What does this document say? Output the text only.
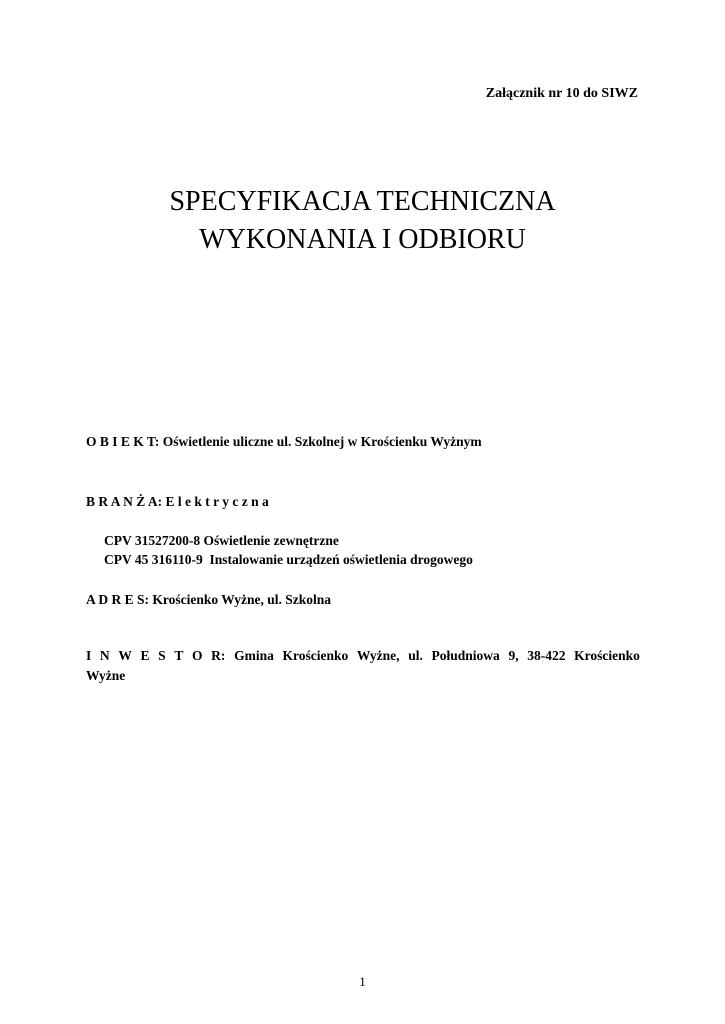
Załącznik nr 10 do SIWZ
SPECYFIKACJA TECHNICZNA
WYKONANIA I ODBIORU
O B I E K T: Oświetlenie uliczne ul. Szkolnej w Krościenku Wyżnym
B R A N Ż A: E l e k t r y c z n a
CPV 31527200-8 Oświetlenie zewnętrzne
CPV 45 316110-9  Instalowanie urządzeń oświetlenia drogowego
A D R E S: Krościenko Wyżne, ul. Szkolna
I N W E S T O R: Gmina Krościenko Wyżne, ul. Południowa 9, 38-422 Krościenko
Wyżne
1
